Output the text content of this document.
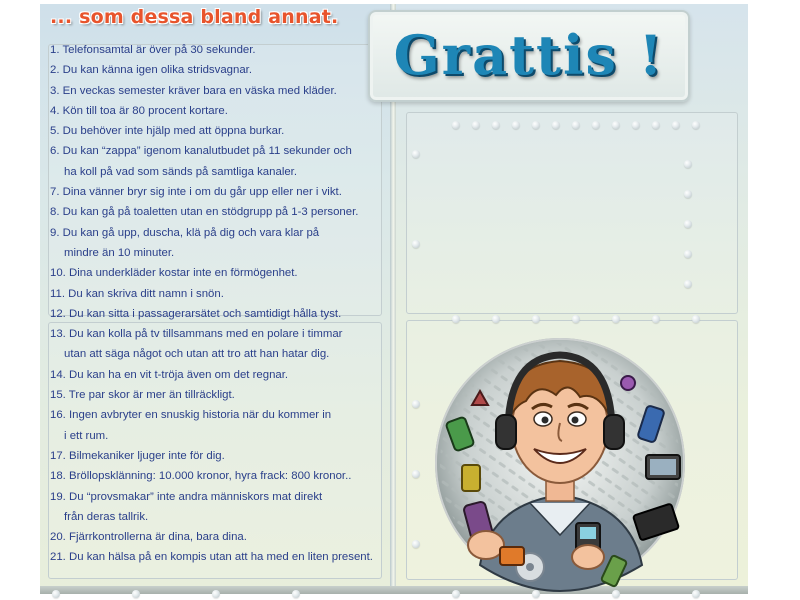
... som dessa bland annat.
1. Telefonsamtal är över på 30 sekunder.
2. Du kan känna igen olika stridsvagnar.
3. En veckas semester kräver bara en väska med kläder.
4. Kön till toa är 80 procent kortare.
5. Du behöver inte hjälp med att öppna burkar.
6. Du kan “zappa” igenom kanalutbudet på 11 sekunder och
ha koll på vad som sänds på samtliga kanaler.
7. Dina vänner bryr sig inte i om du går upp eller ner i vikt.
8. Du kan gå på toaletten utan en stödgrupp på 1-3 personer.
9. Du kan gå upp, duscha, klä på dig och vara klar på
mindre än 10 minuter.
10. Dina underkläder kostar inte en förmögenhet.
11. Du kan skriva ditt namn i snön.
12. Du kan sitta i passagerarsätet och samtidigt hålla tyst.
13. Du kan kolla på tv tillsammans med en polare i timmar
utan att säga något och utan att tro att han hatar dig.
14. Du kan ha en vit t-tröja även om det regnar.
15. Tre par skor är mer än tillräckligt.
16. Ingen avbryter en snuskig historia när du kommer in
i ett rum.
17. Bilmekaniker ljuger inte för dig.
18. Bröllopsklänning: 10.000 kronor, hyra frack: 800 kronor..
19. Du “provsmakar” inte andra människors mat direkt
från deras tallrik.
20. Fjärrkontrollerna är dina, bara dina.
21. Du kan hälsa på en kompis utan att ha med en liten present.
Grattis !
